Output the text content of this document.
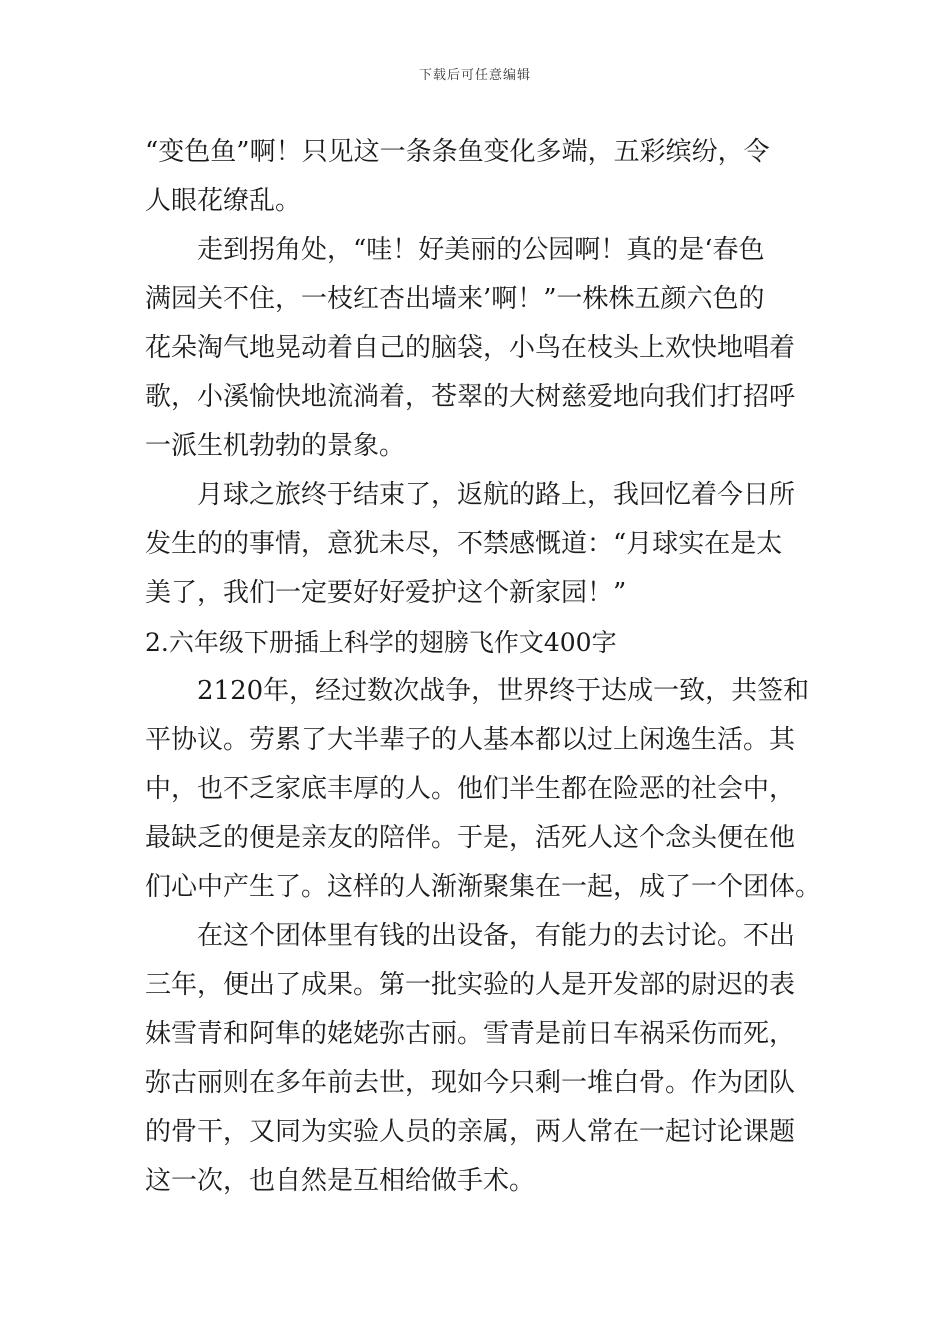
下载后可任意编辑
“变色鱼”啊！只见这一条条鱼变化多端，五彩缤纷，令
人眼花缭乱。
走到拐角处，“哇！好美丽的公园啊！真的是‘春色
满园关不住，一枝红杏出墙来’啊！”一株株五颜六色的
花朵淘气地晃动着自己的脑袋，小鸟在枝头上欢快地唱着
歌，小溪愉快地流淌着，苍翠的大树慈爱地向我们打招呼
一派生机勃勃的景象。
月球之旅终于结束了，返航的路上，我回忆着今日所
发生的的事情，意犹未尽，不禁感慨道：“月球实在是太
美了，我们一定要好好爱护这个新家园！”
2.六年级下册插上科学的翅膀飞作文400字
2120年，经过数次战争，世界终于达成一致，共签和
平协议。劳累了大半辈子的人基本都以过上闲逸生活。其
中，也不乏家底丰厚的人。他们半生都在险恶的社会中，
最缺乏的便是亲友的陪伴。于是，活死人这个念头便在他
们心中产生了。这样的人渐渐聚集在一起，成了一个团体。
在这个团体里有钱的出设备，有能力的去讨论。不出
三年，便出了成果。第一批实验的人是开发部的尉迟的表
妹雪青和阿隼的姥姥弥古丽。雪青是前日车祸采伤而死，
弥古丽则在多年前去世，现如今只剩一堆白骨。作为团队
的骨干，又同为实验人员的亲属，两人常在一起讨论课题
这一次，也自然是互相给做手术。
